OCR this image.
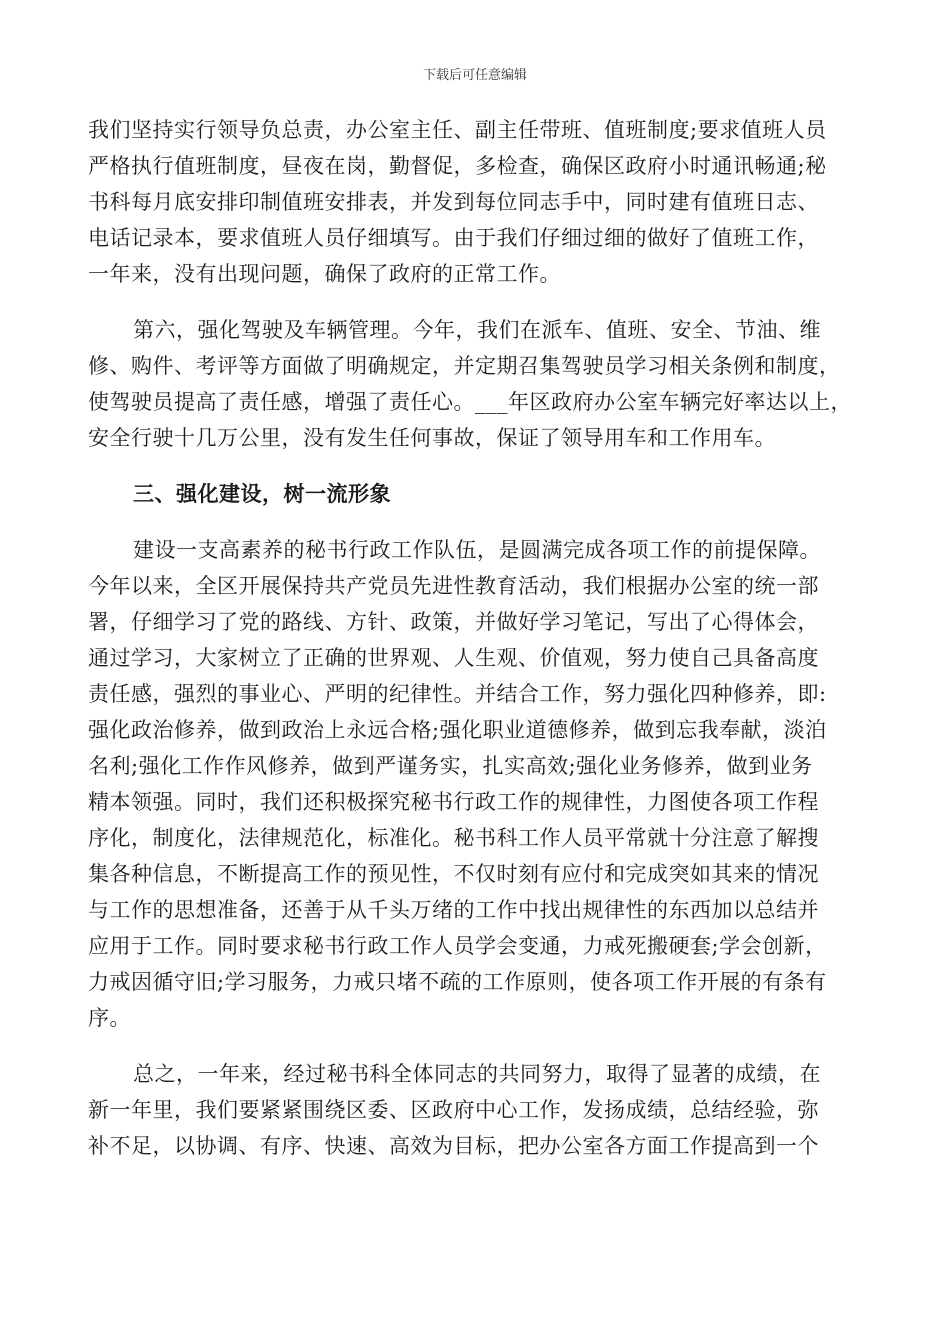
下载后可任意编辑
我们坚持实行领导负总责，办公室主任、副主任带班、值班制度;要求值班人员
严格执行值班制度，昼夜在岗，勤督促，多检查，确保区政府小时通讯畅通;秘
书科每月底安排印制值班安排表，并发到每位同志手中，同时建有值班日志、
电话记录本，要求值班人员仔细填写。由于我们仔细过细的做好了值班工作，
一年来，没有出现问题，确保了政府的正常工作。
第六，强化驾驶及车辆管理。今年，我们在派车、值班、安全、节油、维
修、购件、考评等方面做了明确规定，并定期召集驾驶员学习相关条例和制度，
使驾驶员提高了责任感，增强了责任心。___年区政府办公室车辆完好率达以上，
安全行驶十几万公里，没有发生任何事故，保证了领导用车和工作用车。
三、强化建设，树一流形象
建设一支高素养的秘书行政工作队伍，是圆满完成各项工作的前提保障。
今年以来，全区开展保持共产党员先进性教育活动，我们根据办公室的统一部
署，仔细学习了党的路线、方针、政策，并做好学习笔记，写出了心得体会，
通过学习，大家树立了正确的世界观、人生观、价值观，努力使自己具备高度
责任感，强烈的事业心、严明的纪律性。并结合工作，努力强化四种修养，即:
强化政治修养，做到政治上永远合格;强化职业道德修养，做到忘我奉献，淡泊
名利;强化工作作风修养，做到严谨务实，扎实高效;强化业务修养，做到业务
精本领强。同时，我们还积极探究秘书行政工作的规律性，力图使各项工作程
序化，制度化，法律规范化，标准化。秘书科工作人员平常就十分注意了解搜
集各种信息，不断提高工作的预见性，不仅时刻有应付和完成突如其来的情况
与工作的思想准备，还善于从千头万绪的工作中找出规律性的东西加以总结并
应用于工作。同时要求秘书行政工作人员学会变通，力戒死搬硬套;学会创新，
力戒因循守旧;学习服务，力戒只堵不疏的工作原则，使各项工作开展的有条有
序。
总之，一年来，经过秘书科全体同志的共同努力，取得了显著的成绩，在
新一年里，我们要紧紧围绕区委、区政府中心工作，发扬成绩，总结经验，弥
补不足，以协调、有序、快速、高效为目标，把办公室各方面工作提高到一个
